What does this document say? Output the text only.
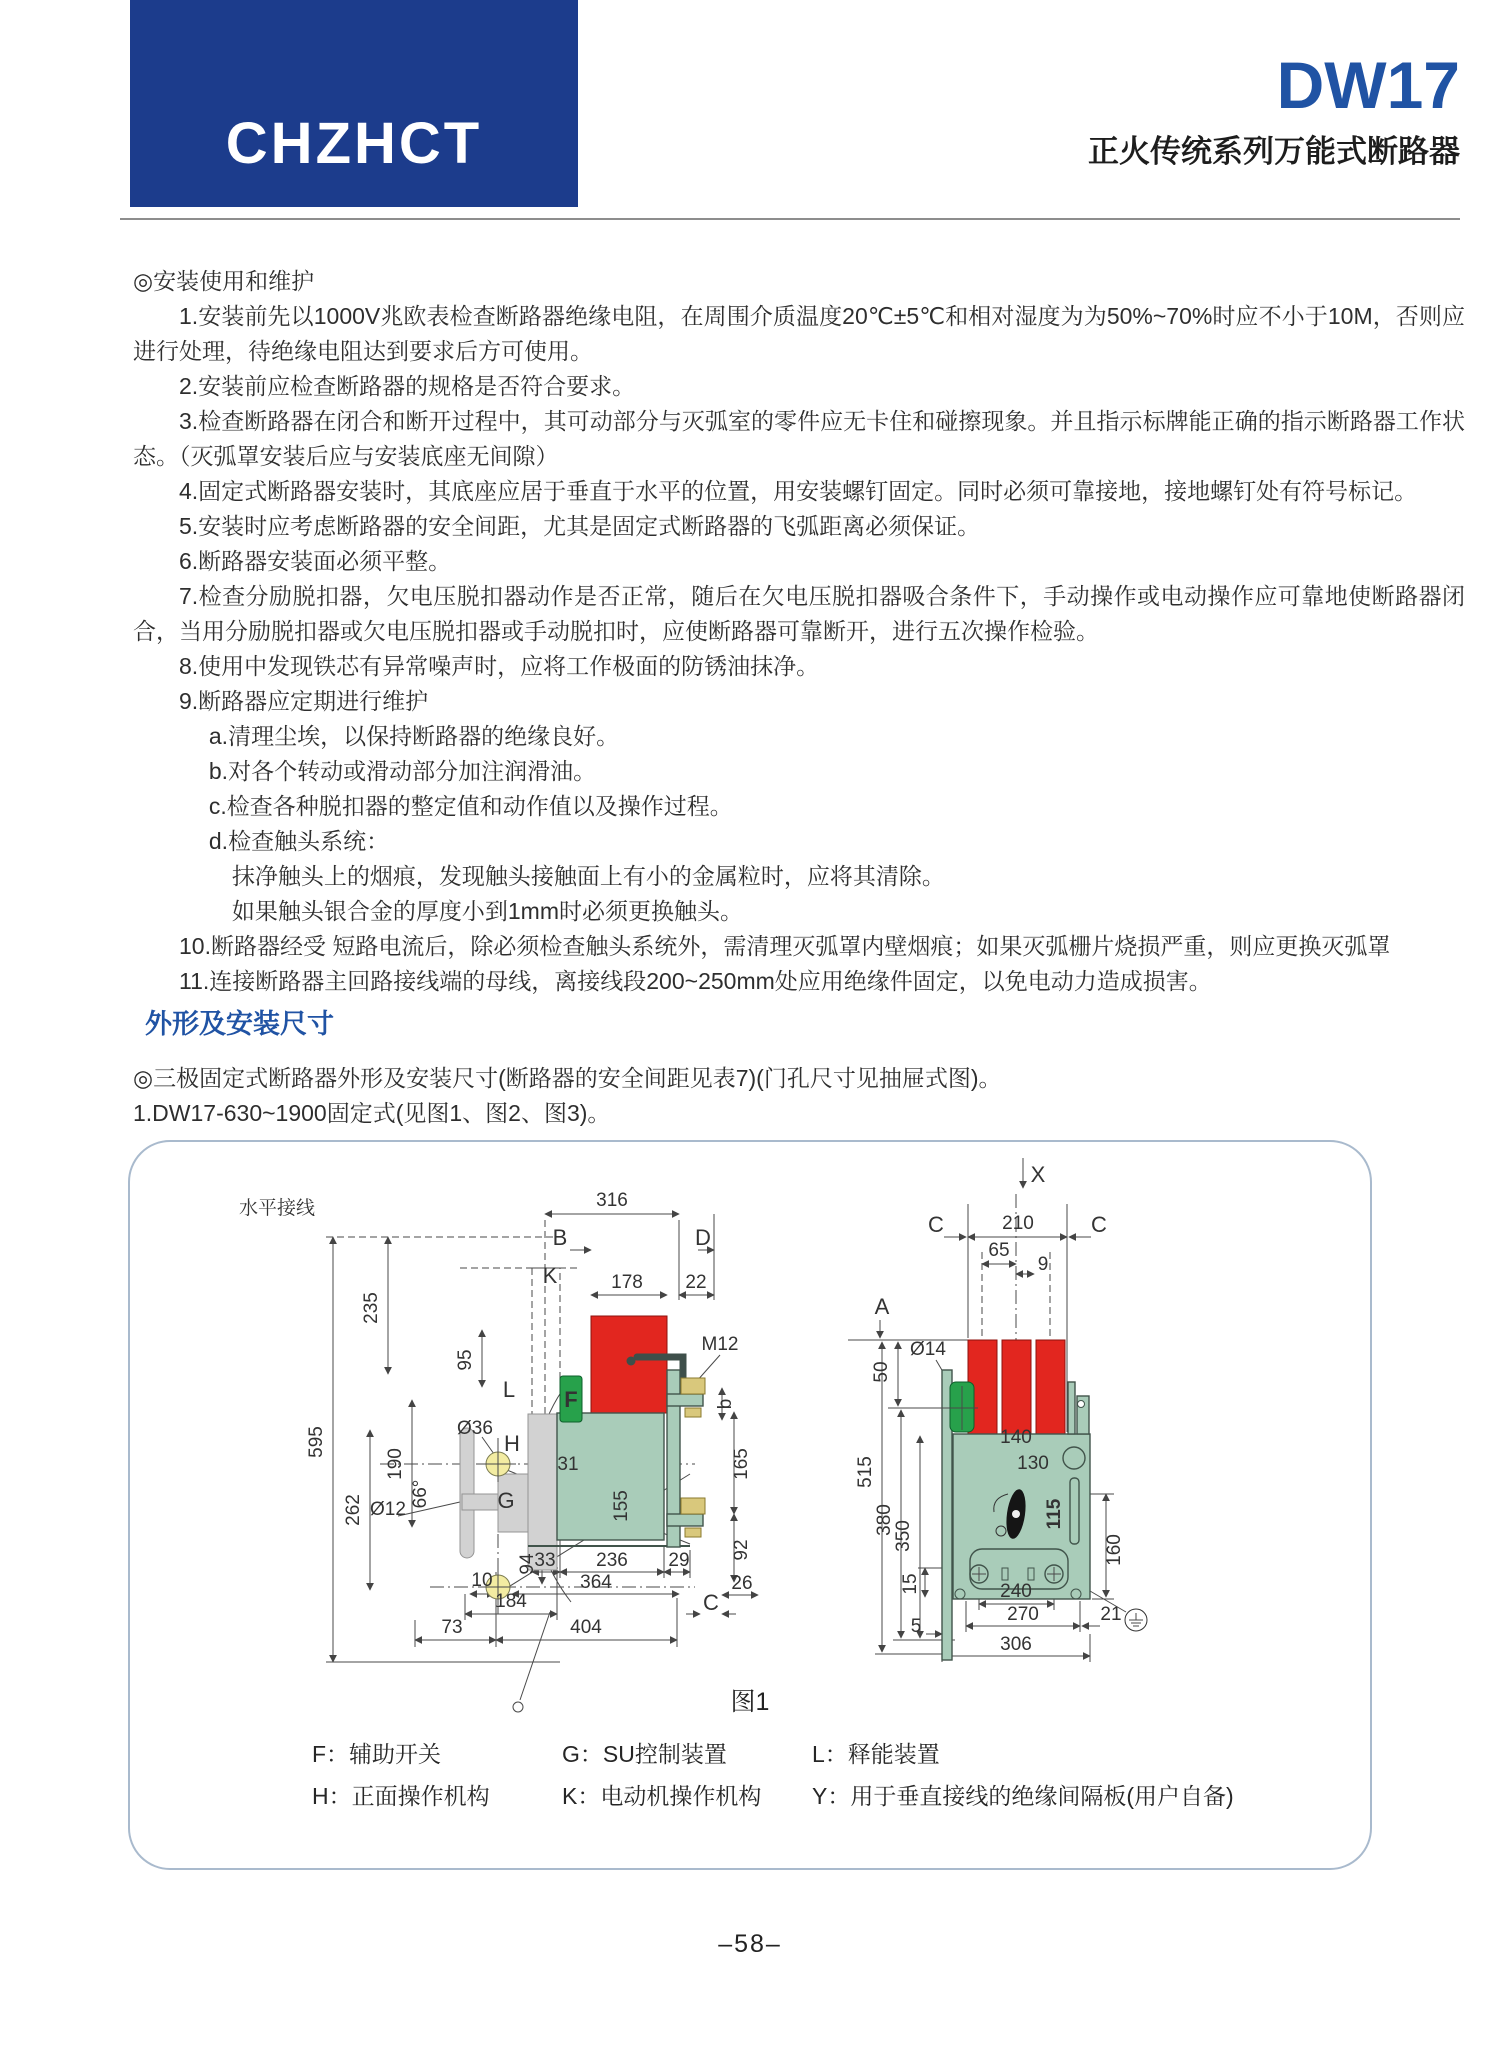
CHZHCT
DW17
正火传统系列万能式断路器

◎安装使用和维护

1.安装前先以1000V兆欧表检查断路器绝缘电阻，在周围介质温度20℃±5℃和相对湿度为为50%~70%时应不小于10M，否则应进行处理，待绝缘电阻达到要求后方可使用。

2.安装前应检查断路器的规格是否符合要求。

3.检查断路器在闭合和断开过程中，其可动部分与灭弧室的零件应无卡住和碰擦现象。并且指示标牌能正确的指示断路器工作状态。（灭弧罩安装后应与安装底座无间隙）

4.固定式断路器安装时，其底座应居于垂直于水平的位置，用安装螺钉固定。同时必须可靠接地，接地螺钉处有符号标记。

5.安装时应考虑断路器的安全间距，尤其是固定式断路器的飞弧距离必须保证。

6.断路器安装面必须平整。

7.检查分励脱扣器，欠电压脱扣器动作是否正常，随后在欠电压脱扣器吸合条件下，手动操作或电动操作应可靠地使断路器闭合，当用分励脱扣器或欠电压脱扣器或手动脱扣时，应使断路器可靠断开，进行五次操作检验。

8.使用中发现铁芯有异常噪声时，应将工作极面的防锈油抹净。

9.断路器应定期进行维护

a.清理尘埃，以保持断路器的绝缘良好。

b.对各个转动或滑动部分加注润滑油。

c.检查各种脱扣器的整定值和动作值以及操作过程。

d.检查触头系统：

抹净触头上的烟痕，发现触头接触面上有小的金属粒时，应将其清除。

如果触头银合金的厚度小到1mm时必须更换触头。

10.断路器经受 短路电流后，除必须检查触头系统外，需清理灭弧罩内壁烟痕；如果灭弧栅片烧损严重，则应更换灭弧罩

11.连接断路器主回路接线端的母线，离接线段200~250mm处应用绝缘件固定，以免电动力造成损害。

外形及安装尺寸

◎三极固定式断路器外形及安装尺寸(断路器的安全间距见表7)(门孔尺寸见抽屉式图)。

1.DW17-630~1900固定式(见图1、图2、图3)。

水平接线	316
B	D
K	178 22
235
95
L
595	Ø36
H
190
66°
Ø12
262	G
F
31
M12
b
165
155
94
92
26
10
33 236
364
29
184	C
404
73
X
C	210	C
65
9
A
Ø14
50
515
380
350
140
130
115
160
15
5
240
270	21
306
图1
F：辅助开关	G：SU控制装置	L：释能装置
H：正面操作机构	K：电动机操作机构 Y：用于垂直接线的绝缘间隔板(用户自备)
–58–
